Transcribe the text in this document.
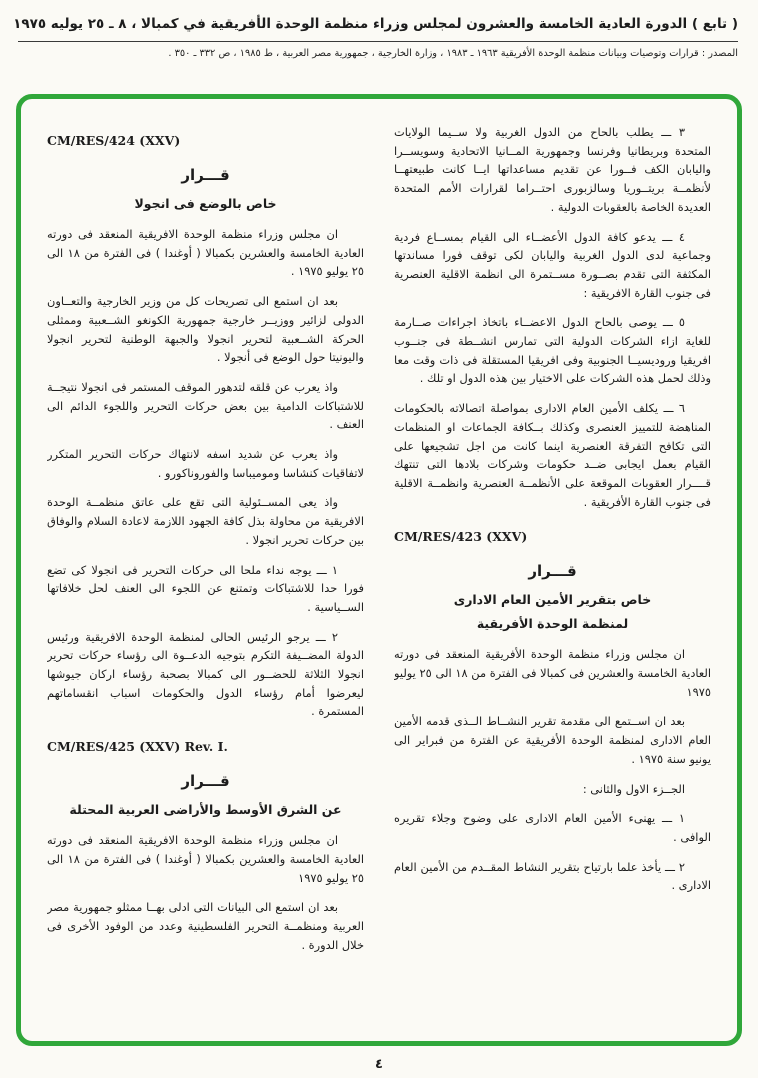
( تابع ) الدورة العادية الخامسة والعشرون لمجلس وزراء منظمة الوحدة الأفريقية في كمبالا ، ٨ ـ ٢٥ يوليه ١٩٧٥
المصدر : قرارات وتوصيات وبيانات منظمة الوحدة الأفريقية ١٩٦٣ ـ ١٩٨٣ ، وزارة الخارجية ، جمهورية مصر العربية ، ط ١٩٨٥ ، ص ٣٣٢ ـ ٣٥٠ .
٣ ـــ يطلب بالحاح من الدول الغربية ولا ســيما الولايات المتحدة وبريطانيا وفرنسا وجمهورية المــانيا الاتحادية وسويســرا واليابان الكف فــورا عن تقديم مساعداتها ايــا كانت طبيعتهــا لأنظمــة بريتــوريا وسالزبورى احتــراما لقرارات الأمم المتحدة العديدة الخاصة بالعقوبات الدولية .
٤ ـــ يدعو كافة الدول الأعضــاء الى القيام بمســاع فردية وجماعية لدى الدول الغربية واليابان لكى توقف فورا مساندتها المكثفة التى تقدم بصــورة مســتمرة الى انظمة الاقلية العنصرية فى جنوب القارة الافريقية :
٥ ـــ يوصى بالحاح الدول الاعضــاء باتخاذ اجراءات صــارمة للغاية ازاء الشركات الدولية التى تمارس انشــطة فى جنــوب افريقيا وروديسيــا الجنوبية وفى افريقيا المستقلة فى ذات وقت معا وذلك لحمل هذه الشركات على الاختيار بين هذه الدول او تلك .
٦ ـــ يكلف الأمين العام الادارى بمواصلة اتصالاته بالحكومات المناهضة للتمييز العنصرى وكذلك بــكافة الجماعات او المنظمات التى تكافح التفرقة العنصرية اينما كانت من اجل تشجيعها على القيام بعمل ايجابى ضــد حكومات وشركات بلادها التى تنتهك قــــرار العقوبات الموقعة على الأنظمــة العنصرية وانظمــة الاقلية فى جنوب القارة الأفريقية .
CM/RES/423 (XXV)
قـــرار
خاص بتقرير الأمين العام الادارى
لمنظمة الوحدة الأفريقية
ان مجلس وزراء منظمة الوحدة الأفريقية المنعقد فى دورته العادية الخامسة والعشرين فى كمبالا فى الفترة من ١٨ الى ٢٥ يوليو ١٩٧٥
بعد ان اســتمع الى مقدمة تقرير النشــاط الــذى قدمه الأمين العام الادارى لمنظمة الوحدة الأفريقية عن الفترة من فبراير الى يونيو سنة ١٩٧٥ .
الجــزء الاول والثانى :
١ ـــ يهنىء الأمين العام الادارى على وضوح وجلاء تقريره الوافى .
٢ ـــ يأخذ علما بارتياح بتقرير النشاط المقــدم من الأمين العام الادارى .
CM/RES/424 (XXV)
قـــرار
خاص بالوضع فى انجولا
ان مجلس وزراء منظمة الوحدة الافريقية المنعقد فى دورته العادية الخامسة والعشرين بكمبالا ( أوغندا ) فى الفترة من ١٨ الى ٢٥ يوليو ١٩٧٥ .
بعد ان استمع الى تصريحات كل من وزير الخارجية والتعــاون الدولى لزائير ووزيــر خارجية جمهورية الكونغو الشــعبية وممثلى الحركة الشــعبية لتحرير انجولا والجبهة الوطنية لتحرير انجولا واليونيتا حول الوضع فى أنجولا .
واذ يعرب عن قلقه لتدهور الموقف المستمر فى انجولا نتيجــة للاشتباكات الدامية بين بعض حركات التحرير واللجوء الدائم الى العنف .
واذ يعرب عن شديد اسفه لانتهاك حركات التحرير المتكرر لاتفاقيات كنشاسا وموميباسا والفوروناكورو .
واذ يعى المســئولية التى تقع على عاتق منظمــة الوحدة الافريقية من محاولة بذل كافة الجهود اللازمة لاعادة السلام والوفاق بين حركات تحرير انجولا .
١ ـــ يوجه نداء ملحا الى حركات التحرير فى انجولا كى تضع فورا حدا للاشتباكات وتمتنع عن اللجوء الى العنف لحل خلافاتها الســياسية .
٢ ـــ يرجو الرئيس الحالى لمنظمة الوحدة الافريقية ورئيس الدولة المضــيفة التكرم بتوجيه الدعــوة الى رؤساء حركات تحرير انجولا الثلاثة للحضــور الى كمبالا بصحبة رؤساء اركان جيوشها ليعرضوا أمام رؤساء الدول والحكومات اسباب انقساماتهم المستمرة .
CM/RES/425 (XXV) Rev. I.
قـــرار
عن الشرق الأوسط والأراضى العربية المحتلة
ان مجلس وزراء منظمة الوحدة الافريقية المنعقد فى دورته العادية الخامسة والعشرين بكمبالا ( أوغندا ) فى الفترة من ١٨ الى ٢٥ يوليو ١٩٧٥
بعد ان استمع الى البيانات التى ادلى بهــا ممثلو جمهورية مصر العربية ومنظمــة التحرير الفلسطينية وعدد من الوفود الأخرى فى خلال الدورة .
٤
